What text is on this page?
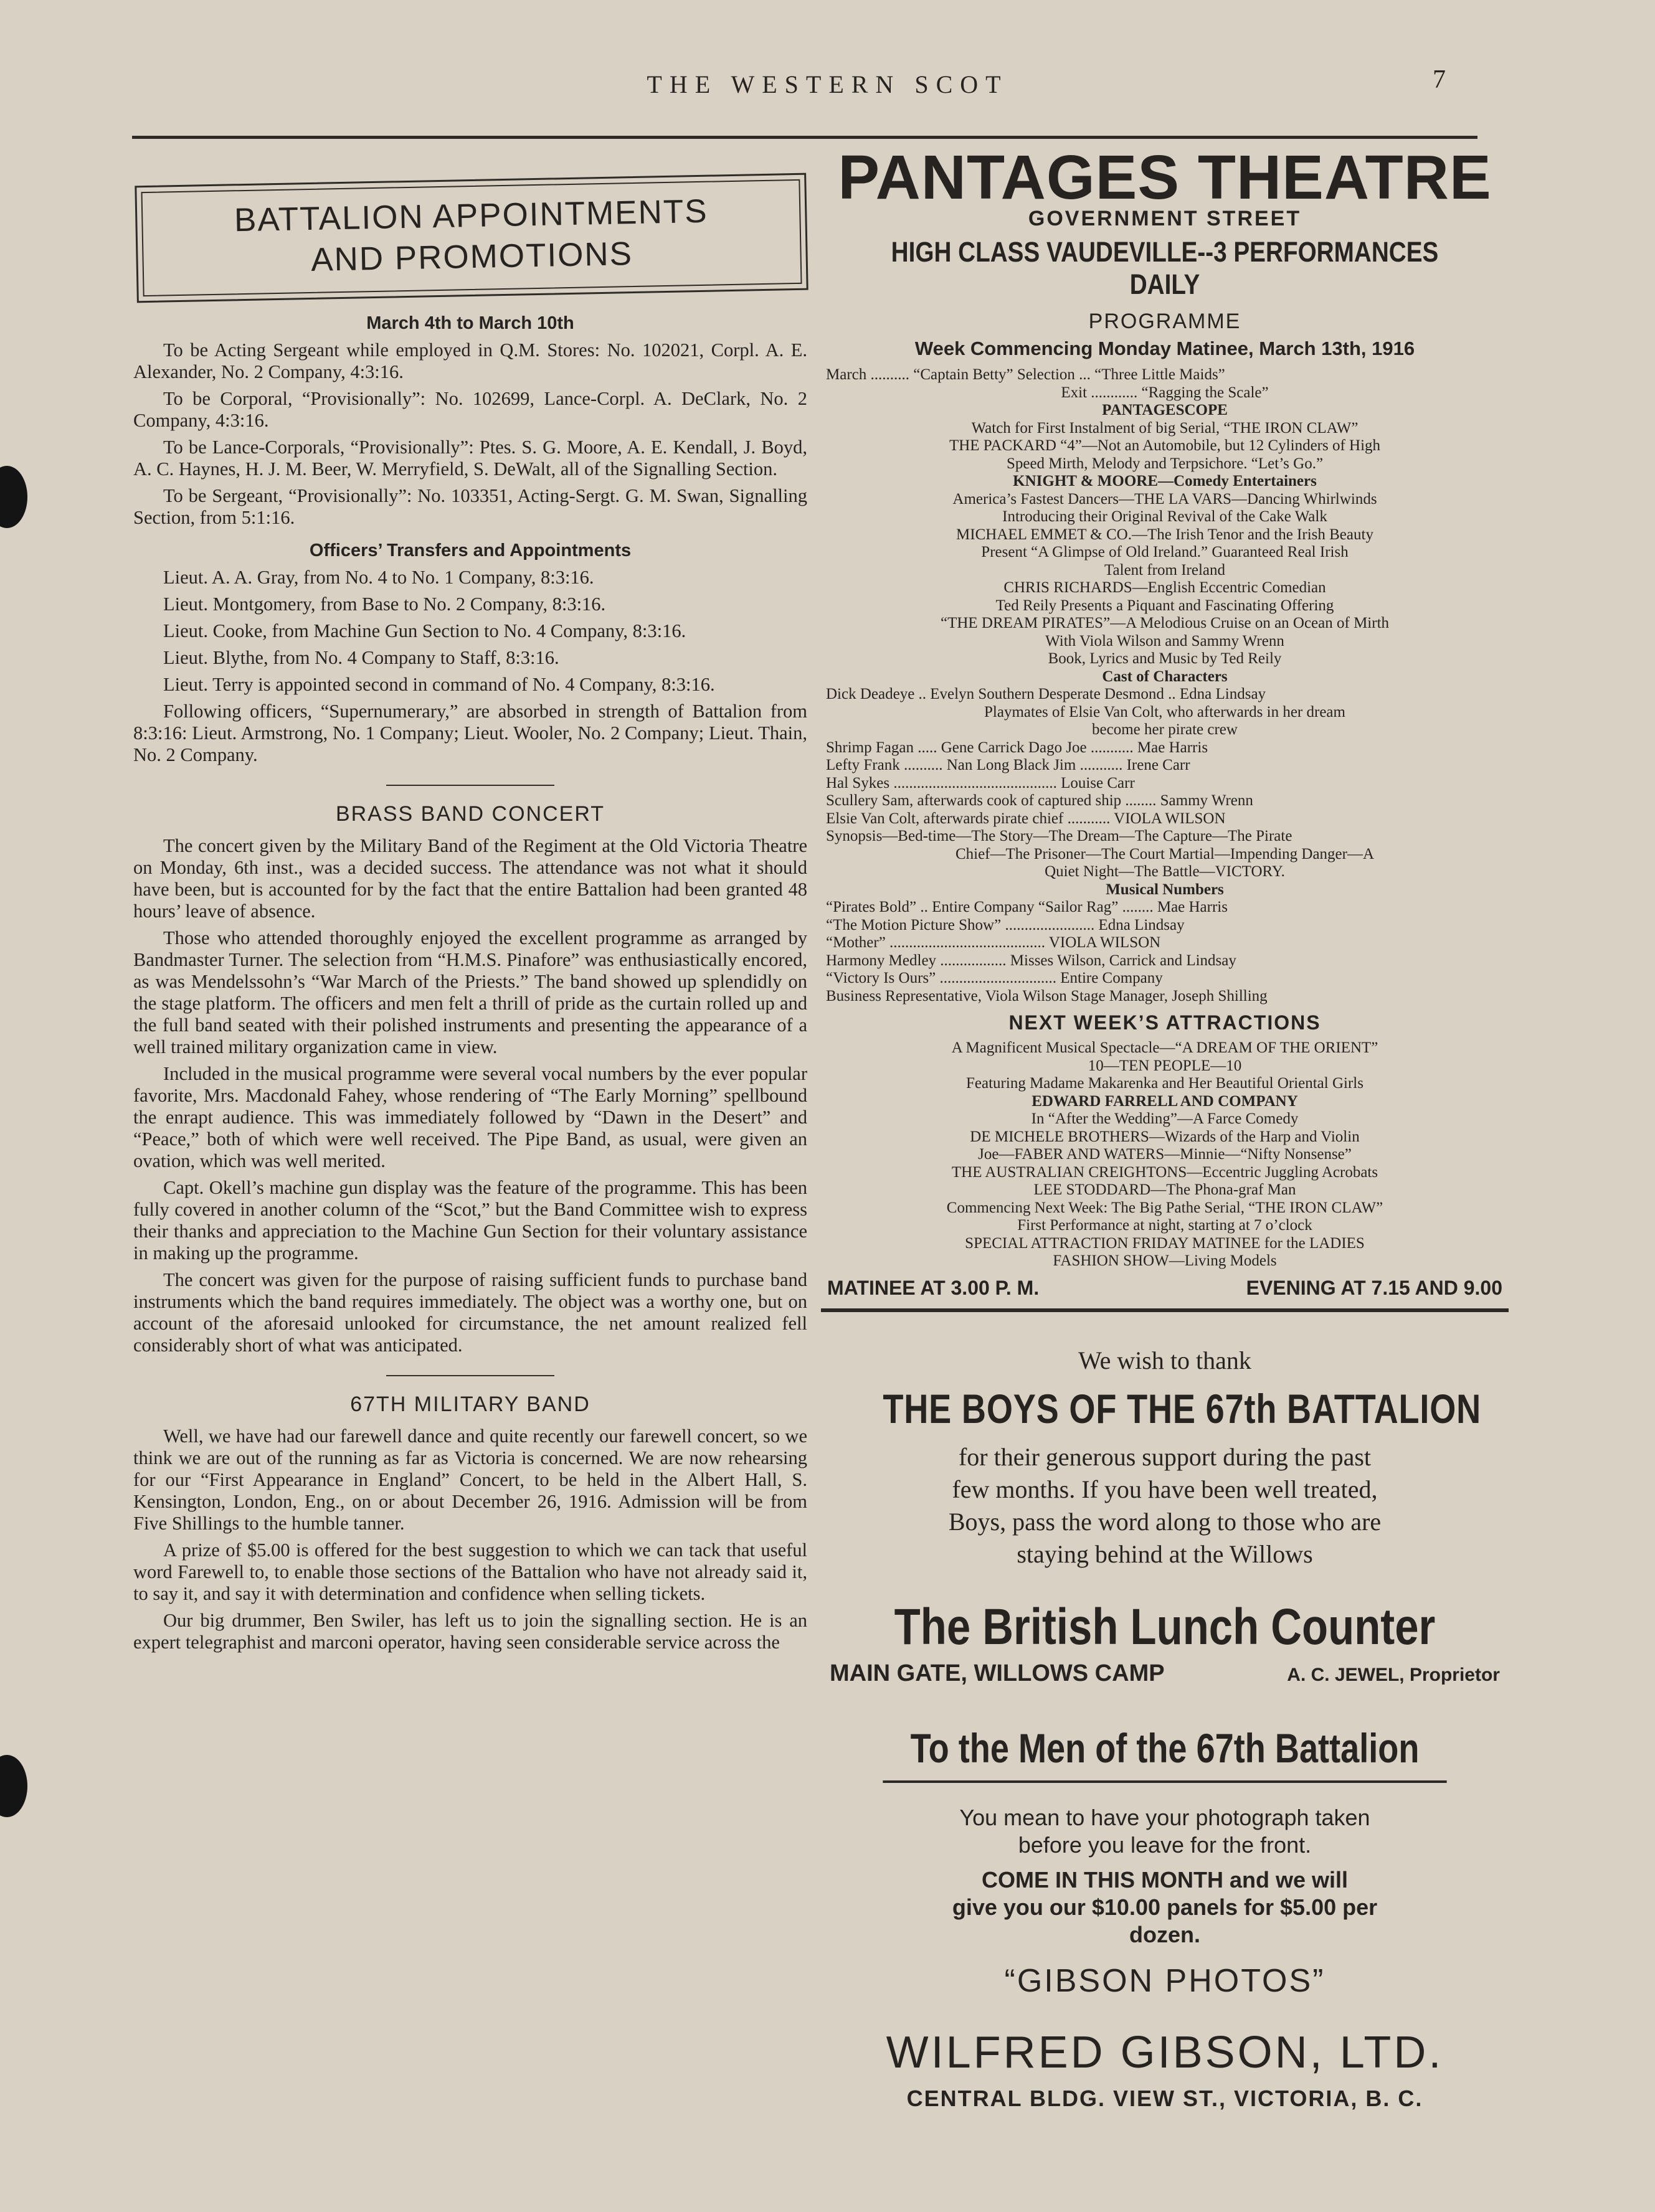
THE WESTERN SCOT	7
BATTALION APPOINTMENTS
AND PROMOTIONS
March 4th to March 10th

To be Acting Sergeant while employed in Q.M. Stores: No. 102021, Corpl. A. E. Alexander, No. 2 Company, 4:3:16.

To be Corporal, “Provisionally”: No. 102699, Lance-Corpl. A. DeClark, No. 2 Company, 4:3:16.

To be Lance-Corporals, “Provisionally”: Ptes. S. G. Moore, A. E. Kendall, J. Boyd, A. C. Haynes, H. J. M. Beer, W. Merryfield, S. DeWalt, all of the Signalling Section.

To be Sergeant, “Provisionally”: No. 103351, Acting-Sergt. G. M. Swan, Signalling Section, from 5:1:16.

Officers’ Transfers and Appointments

Lieut. A. A. Gray, from No. 4 to No. 1 Company, 8:3:16.

Lieut. Montgomery, from Base to No. 2 Company, 8:3:16.

Lieut. Cooke, from Machine Gun Section to No. 4 Company, 8:3:16.

Lieut. Blythe, from No. 4 Company to Staff, 8:3:16.

Lieut. Terry is appointed second in command of No. 4 Company, 8:3:16.

Following officers, “Supernumerary,” are absorbed in strength of Battalion from 8:3:16: Lieut. Armstrong, No. 1 Company; Lieut. Wooler, No. 2 Company; Lieut. Thain, No. 2 Company.

BRASS BAND CONCERT

The concert given by the Military Band of the Regiment at the Old Victoria Theatre on Monday, 6th inst., was a decided success. The attendance was not what it should have been, but is accounted for by the fact that the entire Battalion had been granted 48 hours’ leave of absence.

Those who attended thoroughly enjoyed the excellent programme as arranged by Bandmaster Turner. The selection from “H.M.S. Pinafore” was enthusiastically encored, as was Mendelssohn’s “War March of the Priests.” The band showed up splendidly on the stage platform. The officers and men felt a thrill of pride as the curtain rolled up and the full band seated with their polished instruments and presenting the appearance of a well trained military organization came in view.

Included in the musical programme were several vocal numbers by the ever popular favorite, Mrs. Macdonald Fahey, whose rendering of “The Early Morning” spellbound the enrapt audience. This was immediately followed by “Dawn in the Desert” and “Peace,” both of which were well received. The Pipe Band, as usual, were given an ovation, which was well merited.

Capt. Okell’s machine gun display was the feature of the programme. This has been fully covered in another column of the “Scot,” but the Band Committee wish to express their thanks and appreciation to the Machine Gun Section for their voluntary assistance in making up the programme.

The concert was given for the purpose of raising sufficient funds to purchase band instruments which the band requires immediately. The object was a worthy one, but on account of the aforesaid unlooked for circumstance, the net amount realized fell considerably short of what was anticipated.

67TH MILITARY BAND

Well, we have had our farewell dance and quite recently our farewell concert, so we think we are out of the running as far as Victoria is concerned. We are now rehearsing for our “First Appearance in England” Concert, to be held in the Albert Hall, S. Kensington, London, Eng., on or about December 26, 1916. Admission will be from Five Shillings to the humble tanner.

A prize of $5.00 is offered for the best suggestion to which we can tack that useful word Farewell to, to enable those sections of the Battalion who have not already said it, to say it, and say it with determination and confidence when selling tickets.

Our big drummer, Ben Swiler, has left us to join the signalling section. He is an expert telegraphist and marconi operator, having seen considerable service across the

PANTAGES THEATRE
GOVERNMENT STREET
HIGH CLASS VAUDEVILLE--3 PERFORMANCES DAILY
PROGRAMME
Week Commencing Monday Matinee, March 13th, 1916
March .......... “Captain Betty” Selection ... “Three Little Maids”
Exit ............ “Ragging the Scale”
PANTAGESCOPE
Watch for First Instalment of big Serial, “THE IRON CLAW”
THE PACKARD “4”—Not an Automobile, but 12 Cylinders of High
Speed Mirth, Melody and Terpsichore. “Let’s Go.”
KNIGHT & MOORE—Comedy Entertainers
America’s Fastest Dancers—THE LA VARS—Dancing Whirlwinds
Introducing their Original Revival of the Cake Walk
MICHAEL EMMET & CO.—The Irish Tenor and the Irish Beauty
Present “A Glimpse of Old Ireland.” Guaranteed Real Irish
Talent from Ireland
CHRIS RICHARDS—English Eccentric Comedian
Ted Reily Presents a Piquant and Fascinating Offering
“THE DREAM PIRATES”—A Melodious Cruise on an Ocean of Mirth
With Viola Wilson and Sammy Wrenn
Book, Lyrics and Music by Ted Reily
Cast of Characters
Dick Deadeye .. Evelyn Southern Desperate Desmond .. Edna Lindsay
Playmates of Elsie Van Colt, who afterwards in her dream
become her pirate crew
Shrimp Fagan ..... Gene Carrick Dago Joe ........... Mae Harris
Lefty Frank .......... Nan Long Black Jim ........... Irene Carr
Hal Sykes .......................................... Louise Carr
Scullery Sam, afterwards cook of captured ship ........ Sammy Wrenn
Elsie Van Colt, afterwards pirate chief ........... VIOLA WILSON
Synopsis—Bed-time—The Story—The Dream—The Capture—The Pirate
Chief—The Prisoner—The Court Martial—Impending Danger—A
Quiet Night—The Battle—VICTORY.
Musical Numbers
“Pirates Bold” .. Entire Company “Sailor Rag” ........ Mae Harris
“The Motion Picture Show” ....................... Edna Lindsay
“Mother” ........................................ VIOLA WILSON
Harmony Medley ................. Misses Wilson, Carrick and Lindsay
“Victory Is Ours” .............................. Entire Company
Business Representative, Viola Wilson Stage Manager, Joseph Shilling
NEXT WEEK’S ATTRACTIONS
A Magnificent Musical Spectacle—“A DREAM OF THE ORIENT”
10—TEN PEOPLE—10
Featuring Madame Makarenka and Her Beautiful Oriental Girls
EDWARD FARRELL AND COMPANY
In “After the Wedding”—A Farce Comedy
DE MICHELE BROTHERS—Wizards of the Harp and Violin
Joe—FABER AND WATERS—Minnie—“Nifty Nonsense”
THE AUSTRALIAN CREIGHTONS—Eccentric Juggling Acrobats
LEE STODDARD—The Phona-graf Man
Commencing Next Week: The Big Pathe Serial, “THE IRON CLAW”
First Performance at night, starting at 7 o’clock
SPECIAL ATTRACTION FRIDAY MATINEE for the LADIES
FASHION SHOW—Living Models
MATINEE AT 3.00 P. M.	EVENING AT 7.15 AND 9.00
We wish to thank
THE BOYS OF THE 67th BATTALION
for their generous support during the past
few months. If you have been well treated,
Boys, pass the word along to those who are
staying behind at the Willows
The British Lunch Counter
MAIN GATE, WILLOWS CAMP	A. C. JEWEL, Proprietor
To the Men of the 67th Battalion
You mean to have your photograph taken
before you leave for the front.
COME IN THIS MONTH and we will
give you our $10.00 panels for $5.00 per
dozen.
“GIBSON PHOTOS”
WILFRED GIBSON, LTD.
CENTRAL BLDG. VIEW ST., VICTORIA, B. C.
